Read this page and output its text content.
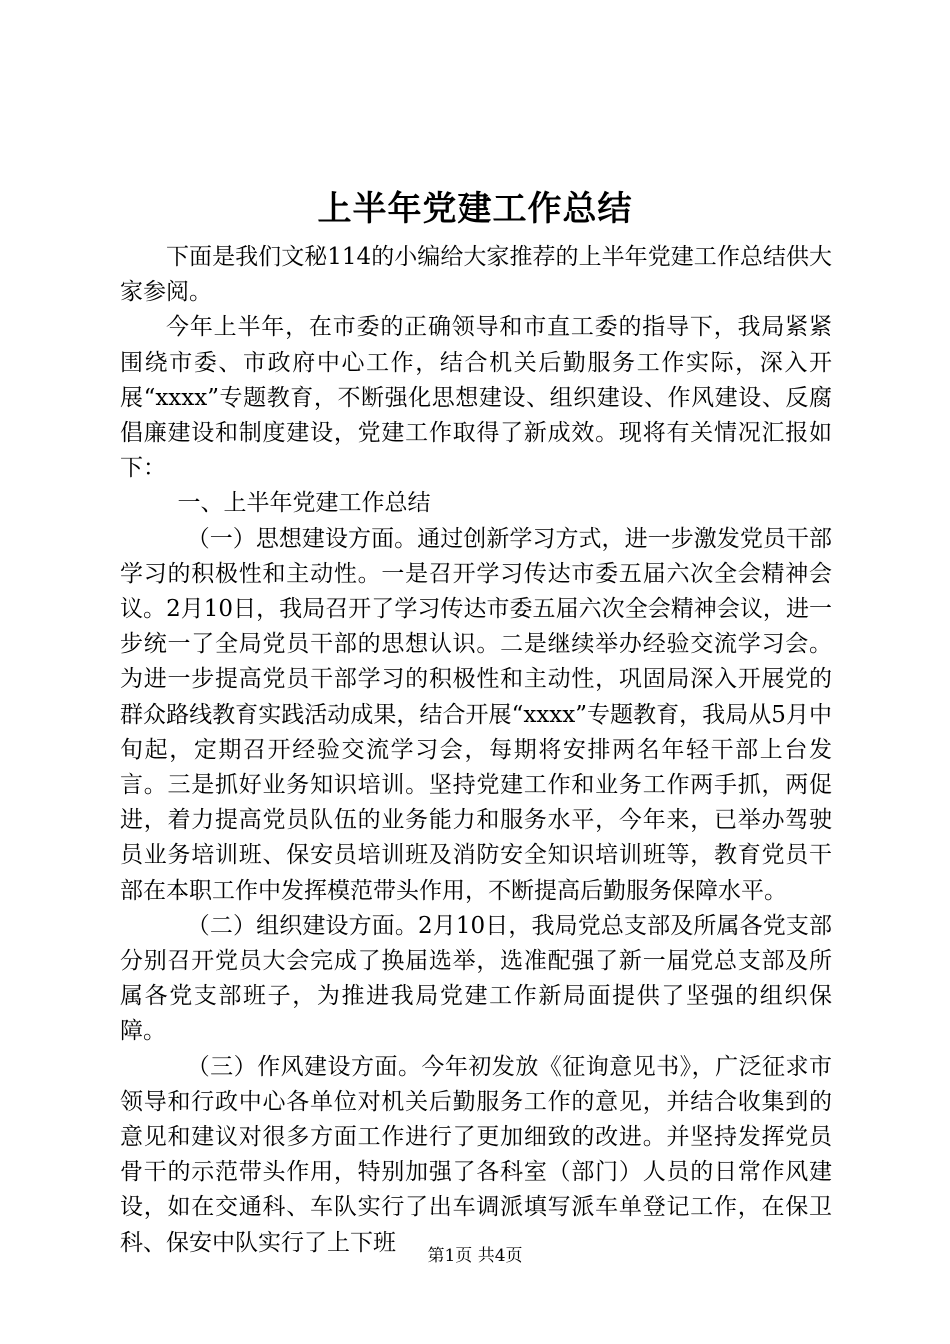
上半年党建工作总结

下面是我们文秘114的小编给大家推荐的上半年党建工作总结供大家参阅。

今年上半年，在市委的正确领导和市直工委的指导下，我局紧紧围绕市委、市政府中心工作，结合机关后勤服务工作实际，深入开展“xxxx”专题教育，不断强化思想建设、组织建设、作风建设、反腐倡廉建设和制度建设，党建工作取得了新成效。现将有关情况汇报如下：

一、上半年党建工作总结

（一）思想建设方面。通过创新学习方式，进一步激发党员干部学习的积极性和主动性。一是召开学习传达市委五届六次全会精神会议。2月10日，我局召开了学习传达市委五届六次全会精神会议，进一步统一了全局党员干部的思想认识。二是继续举办经验交流学习会。为进一步提高党员干部学习的积极性和主动性，巩固局深入开展党的群众路线教育实践活动成果，结合开展“xxxx”专题教育，我局从5月中旬起，定期召开经验交流学习会，每期将安排两名年轻干部上台发言。三是抓好业务知识培训。坚持党建工作和业务工作两手抓，两促进，着力提高党员队伍的业务能力和服务水平，今年来，已举办驾驶员业务培训班、保安员培训班及消防安全知识培训班等，教育党员干部在本职工作中发挥模范带头作用，不断提高后勤服务保障水平。

（二）组织建设方面。2月10日，我局党总支部及所属各党支部分别召开党员大会完成了换届选举，选准配强了新一届党总支部及所属各党支部班子，为推进我局党建工作新局面提供了坚强的组织保障。

（三）作风建设方面。今年初发放《征询意见书》，广泛征求市领导和行政中心各单位对机关后勤服务工作的意见，并结合收集到的意见和建议对很多方面工作进行了更加细致的改进。并坚持发挥党员骨干的示范带头作用，特别加强了各科室（部门）人员的日常作风建设，如在交通科、车队实行了出车调派填写派车单登记工作，在保卫科、保安中队实行了上下班

第1页 共4页
